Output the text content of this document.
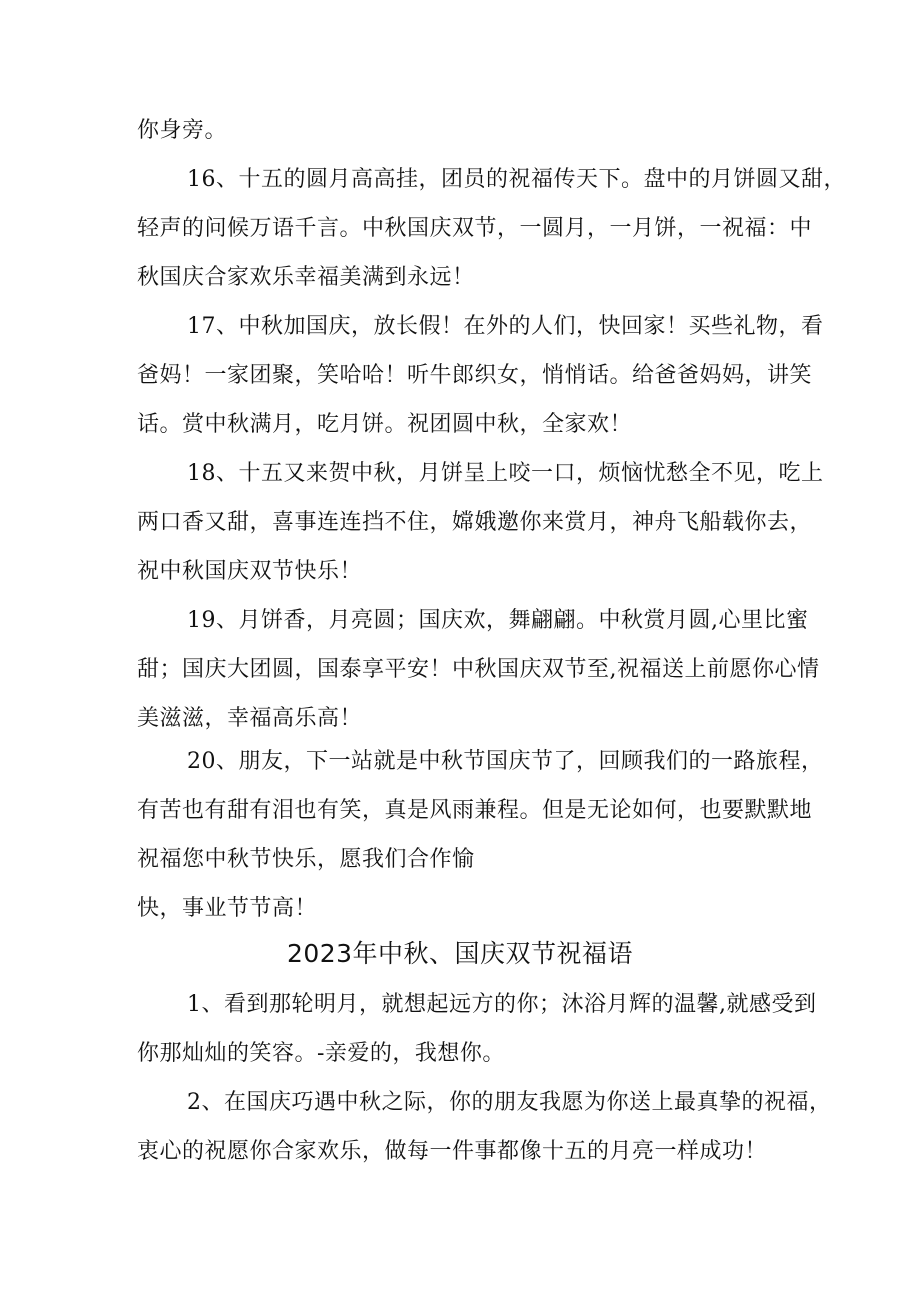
你身旁。
16、十五的圆月高高挂，团员的祝福传天下。盘中的月饼圆又甜，
轻声的问候万语千言。中秋国庆双节，一圆月，一月饼，一祝福：中
秋国庆合家欢乐幸福美满到永远！
17、中秋加国庆，放长假！在外的人们，快回家！买些礼物，看
爸妈！一家团聚，笑哈哈！听牛郎织女，悄悄话。给爸爸妈妈，讲笑
话。赏中秋满月，吃月饼。祝团圆中秋，全家欢！
18、十五又来贺中秋，月饼呈上咬一口，烦恼忧愁全不见，吃上
两口香又甜，喜事连连挡不住，嫦娥邀你来赏月，神舟飞船载你去，
祝中秋国庆双节快乐！
19、月饼香，月亮圆；国庆欢，舞翩翩。中秋赏月圆,心里比蜜
甜；国庆大团圆，国泰享平安！中秋国庆双节至,祝福送上前愿你心情
美滋滋，幸福高乐高！
20、朋友，下一站就是中秋节国庆节了，回顾我们的一路旅程，
有苦也有甜有泪也有笑，真是风雨兼程。但是无论如何，也要默默地
祝福您中秋节快乐，愿我们合作愉
快，事业节节高！
2023年中秋、国庆双节祝福语
1、看到那轮明月，就想起远方的你；沐浴月辉的温馨,就感受到
你那灿灿的笑容。-亲爱的，我想你。
2、在国庆巧遇中秋之际，你的朋友我愿为你送上最真挚的祝福，
衷心的祝愿你合家欢乐，做每一件事都像十五的月亮一样成功！
